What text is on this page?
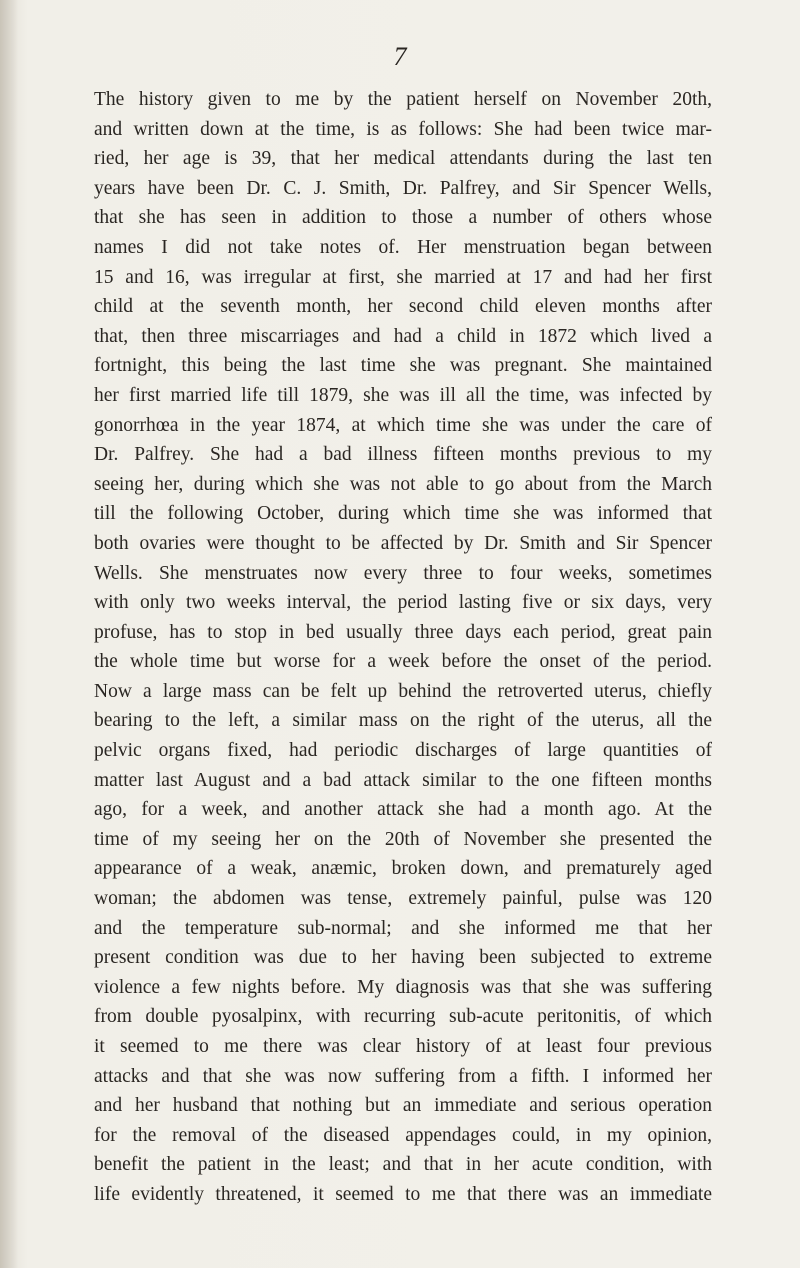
7
The history given to me by the patient herself on November 20th,
and written down at the time, is as follows: She had been twice mar-
ried, her age is 39, that her medical attendants during the last ten
years have been Dr. C. J. Smith, Dr. Palfrey, and Sir Spencer Wells,
that she has seen in addition to those a number of others whose
names I did not take notes of. Her menstruation began between
15 and 16, was irregular at first, she married at 17 and had her first
child at the seventh month, her second child eleven months after
that, then three miscarriages and had a child in 1872 which lived a
fortnight, this being the last time she was pregnant. She maintained
her first married life till 1879, she was ill all the time, was infected by
gonorrhœa in the year 1874, at which time she was under the care of
Dr. Palfrey. She had a bad illness fifteen months previous to my
seeing her, during which she was not able to go about from the March
till the following October, during which time she was informed that
both ovaries were thought to be affected by Dr. Smith and Sir Spencer
Wells. She menstruates now every three to four weeks, sometimes
with only two weeks interval, the period lasting five or six days, very
profuse, has to stop in bed usually three days each period, great pain
the whole time but worse for a week before the onset of the period.
Now a large mass can be felt up behind the retroverted uterus, chiefly
bearing to the left, a similar mass on the right of the uterus, all the
pelvic organs fixed, had periodic discharges of large quantities of
matter last August and a bad attack similar to the one fifteen months
ago, for a week, and another attack she had a month ago. At the
time of my seeing her on the 20th of November she presented the
appearance of a weak, anæmic, broken down, and prematurely aged
woman; the abdomen was tense, extremely painful, pulse was 120
and the temperature sub-normal; and she informed me that her
present condition was due to her having been subjected to extreme
violence a few nights before. My diagnosis was that she was suffering
from double pyosalpinx, with recurring sub-acute peritonitis, of which
it seemed to me there was clear history of at least four previous
attacks and that she was now suffering from a fifth. I informed her
and her husband that nothing but an immediate and serious operation
for the removal of the diseased appendages could, in my opinion,
benefit the patient in the least; and that in her acute condition, with
life evidently threatened, it seemed to me that there was an immediate
